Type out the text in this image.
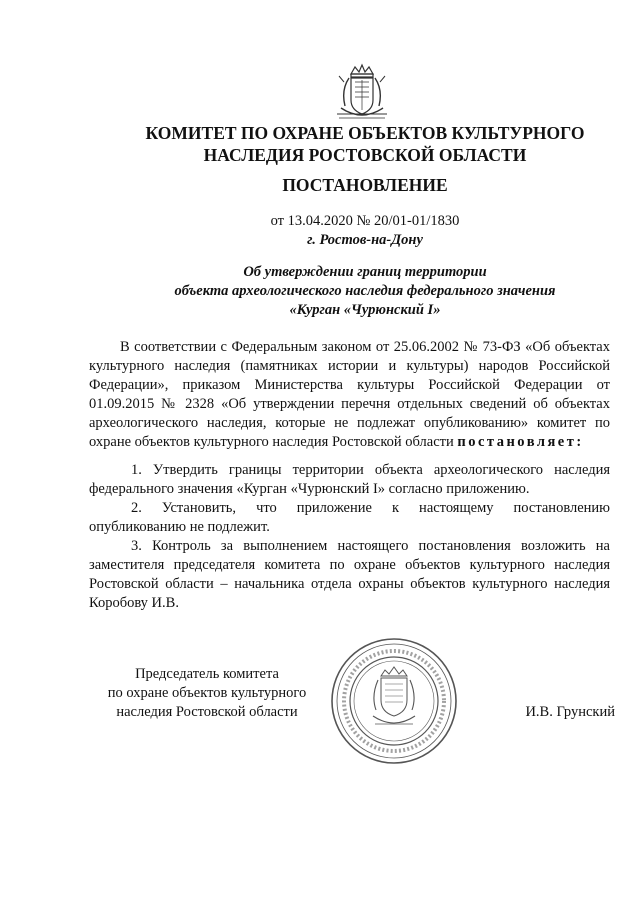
КОМИТЕТ ПО ОХРАНЕ ОБЪЕКТОВ КУЛЬТУРНОГО
НАСЛЕДИЯ РОСТОВСКОЙ ОБЛАСТИ
ПОСТАНОВЛЕНИЕ
от 13.04.2020 № 20/01-01/1830
г. Ростов-на-Дону
Об утверждении границ территории
объекта археологического наследия федерального значения
«Курган «Чурюнский I»

В соответствии с Федеральным законом от 25.06.2002 № 73-ФЗ «Об объектах культурного наследия (памятниках истории и культуры) народов Российской Федерации», приказом Министерства культуры Российской Федерации от 01.09.2015 № 2328 «Об утверждении перечня отдельных сведений об объектах археологического наследия, которые не подлежат опубликованию» комитет по охране объектов культурного наследия Ростовской области постановляет:

1. Утвердить границы территории объекта археологического наследия федерального значения «Курган «Чурюнский I» согласно приложению.

2. Установить, что приложение к настоящему постановлению опубликованию не подлежит.

3. Контроль за выполнением настоящего постановления возложить на заместителя председателя комитета по охране объектов культурного наследия Ростовской области – начальника отдела охраны объектов культурного наследия Коробову И.В.

Председатель комитета
по охране объектов культурного
наследия Ростовской области	И.В. Грунский
